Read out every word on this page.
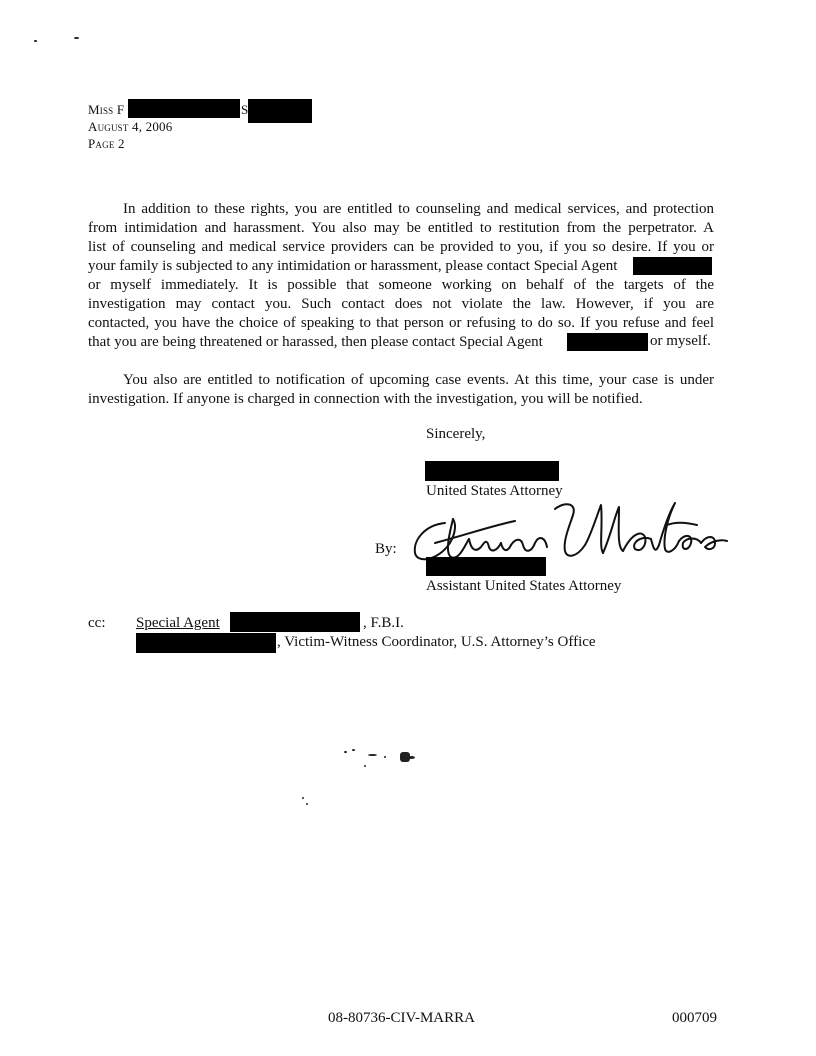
Miss F	S
August 4, 2006
Page 2
In addition to these rights, you are entitled to counseling and medical services, and protection
from intimidation and harassment. You also may be entitled to restitution from the perpetrator. A
list of counseling and medical service providers can be provided to you, if you so desire. If you or
your family is subjected to any intimidation or harassment, please contact Special Agent
or myself immediately. It is possible that someone working on behalf of the targets of the
investigation may contact you. Such contact does not violate the law. However, if you are
contacted, you have the choice of speaking to that person or refusing to do so. If you refuse and feel
that you are being threatened or harassed, then please contact Special Agent	or myself.
You also are entitled to notification of upcoming case events. At this time, your case is under
investigation. If anyone is charged in connection with the investigation, you will be notified.
Sincerely,
United States Attorney
By:
Assistant United States Attorney
cc: Special Agent	, F.B.I.
, Victim-Witness Coordinator, U.S. Attorney’s Office
08-80736-CIV-MARRA	000709
